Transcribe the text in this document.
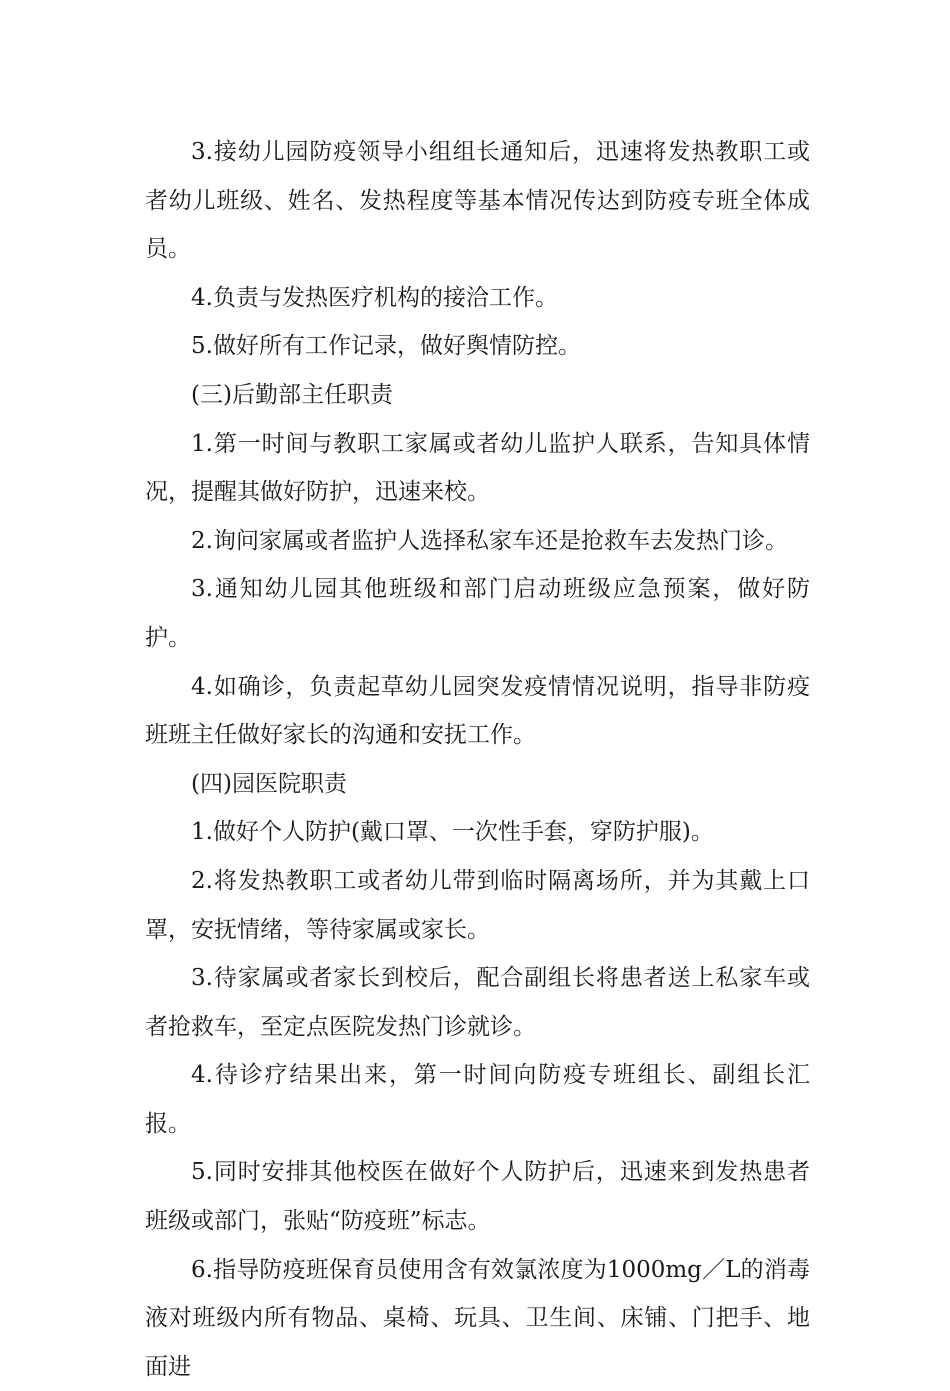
3.接幼儿园防疫领导小组组长通知后，迅速将发热教职工或者幼儿班级、姓名、发热程度等基本情况传达到防疫专班全体成员。

4.负责与发热医疗机构的接洽工作。

5.做好所有工作记录，做好舆情防控。

(三)后勤部主任职责

1.第一时间与教职工家属或者幼儿监护人联系，告知具体情况，提醒其做好防护，迅速来校。

2.询问家属或者监护人选择私家车还是抢救车去发热门诊。

3.通知幼儿园其他班级和部门启动班级应急预案，做好防护。

4.如确诊，负责起草幼儿园突发疫情情况说明，指导非防疫班班主任做好家长的沟通和安抚工作。

(四)园医院职责

1.做好个人防护(戴口罩、一次性手套，穿防护服)。

2.将发热教职工或者幼儿带到临时隔离场所，并为其戴上口罩，安抚情绪，等待家属或家长。

3.待家属或者家长到校后，配合副组长将患者送上私家车或者抢救车，至定点医院发热门诊就诊。

4.待诊疗结果出来，第一时间向防疫专班组长、副组长汇报。

5.同时安排其他校医在做好个人防护后，迅速来到发热患者班级或部门，张贴“防疫班”标志。

6.指导防疫班保育员使用含有效氯浓度为1000mg／L的消毒液对班级内所有物品、桌椅、玩具、卫生间、床铺、门把手、地面进
